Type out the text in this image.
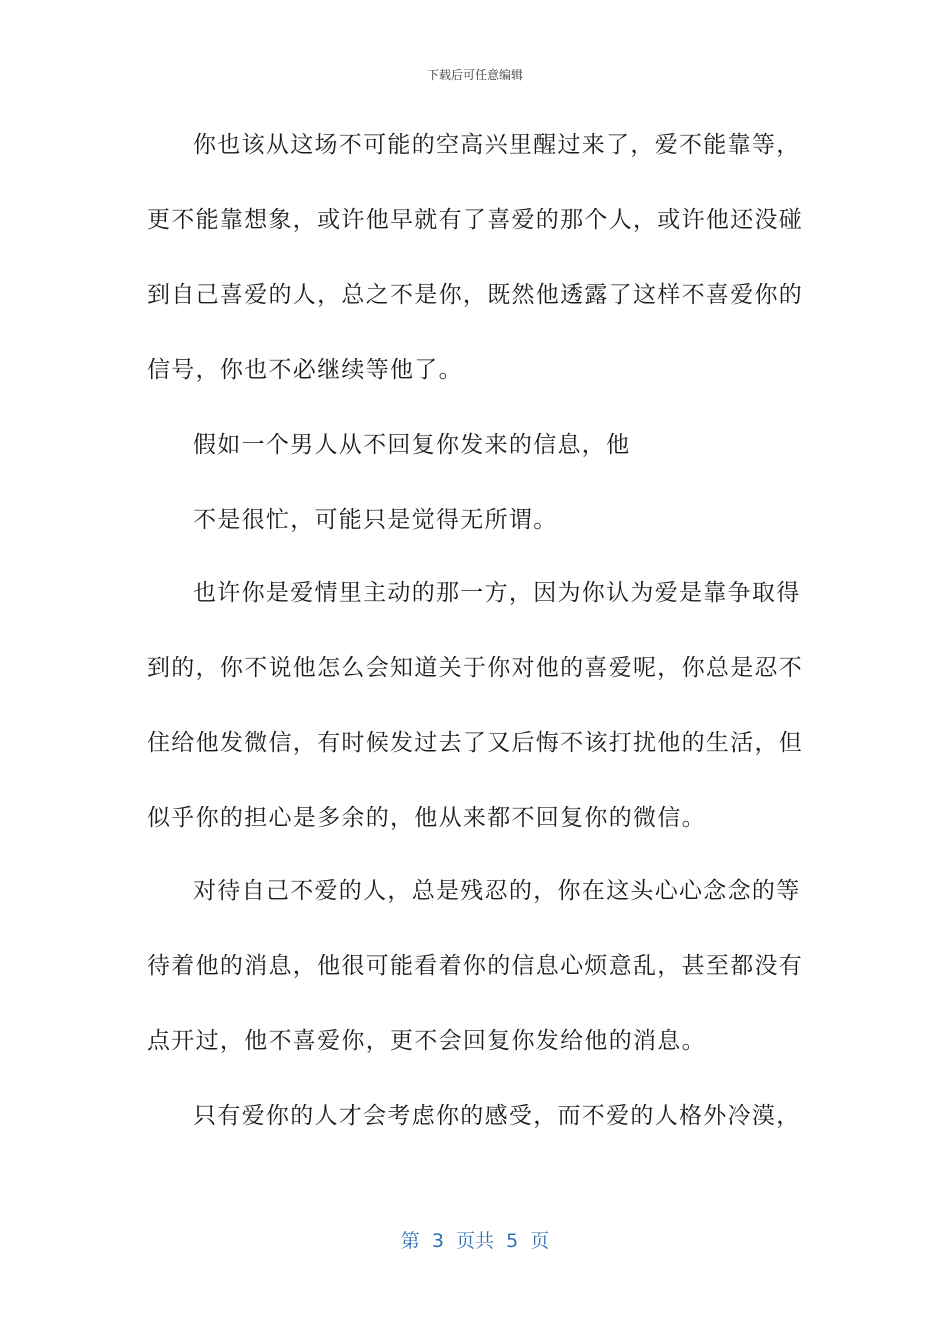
下载后可任意编辑
你也该从这场不可能的空高兴里醒过来了，爱不能靠等，
更不能靠想象，或许他早就有了喜爱的那个人，或许他还没碰
到自己喜爱的人，总之不是你，既然他透露了这样不喜爱你的
信号，你也不必继续等他了。
假如一个男人从不回复你发来的信息，他
不是很忙，可能只是觉得无所谓。
也许你是爱情里主动的那一方，因为你认为爱是靠争取得
到的，你不说他怎么会知道关于你对他的喜爱呢，你总是忍不
住给他发微信，有时候发过去了又后悔不该打扰他的生活，但
似乎你的担心是多余的，他从来都不回复你的微信。
对待自己不爱的人，总是残忍的，你在这头心心念念的等
待着他的消息，他很可能看着你的信息心烦意乱，甚至都没有
点开过，他不喜爱你，更不会回复你发给他的消息。
只有爱你的人才会考虑你的感受，而不爱的人格外冷漠，
第  3  页共  5  页
